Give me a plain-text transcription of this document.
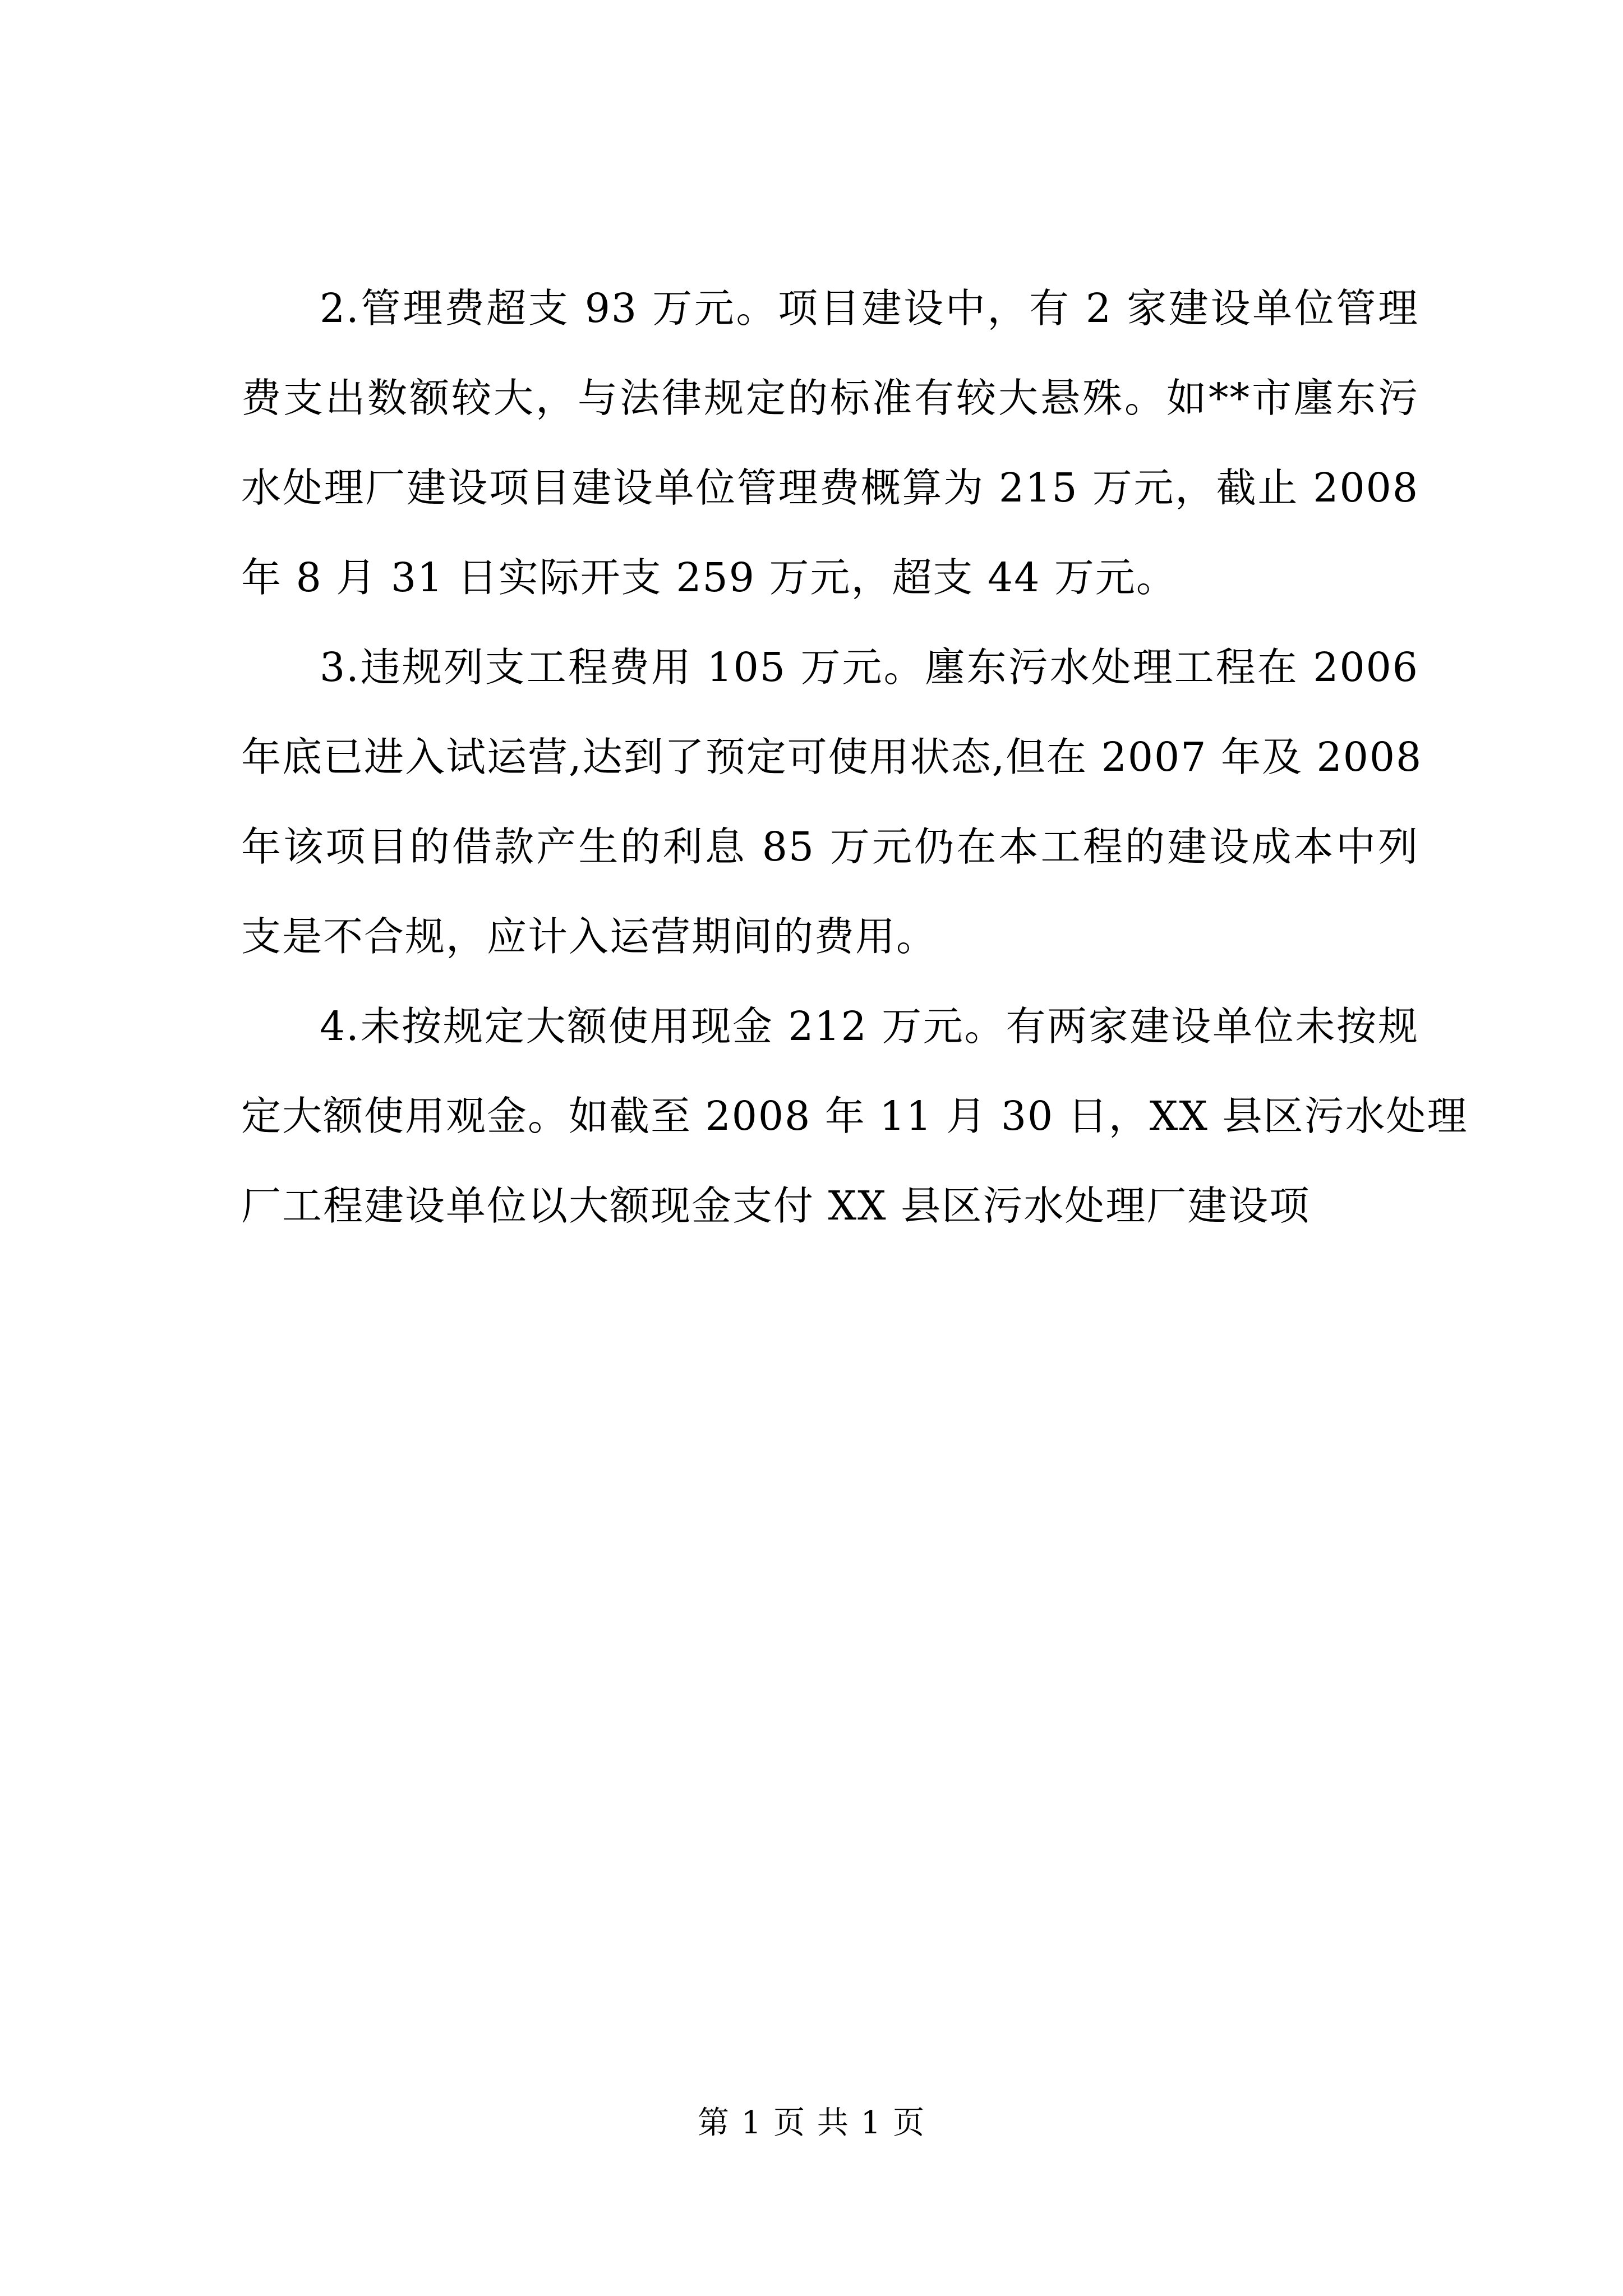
2.管理费超支 93 万元。项目建设中，有 2 家建设单位管理
费支出数额较大，与法律规定的标准有较大悬殊。如**市廛东污
水处理厂建设项目建设单位管理费概算为 215 万元，截止 2008
年 8 月 31 日实际开支 259 万元，超支 44 万元。
3.违规列支工程费用 105 万元。廛东污水处理工程在 2006
年底已进入试运营,达到了预定可使用状态,但在 2007 年及 2008
年该项目的借款产生的利息 85 万元仍在本工程的建设成本中列
支是不合规，应计入运营期间的费用。
4.未按规定大额使用现金 212 万元。有两家建设单位未按规
定大额使用观金。如截至 2008 年 11 月 30 日，XX 县区污水处理
厂工程建设单位以大额现金支付 XX 县区污水处理厂建设项
第 1 页 共 1 页
